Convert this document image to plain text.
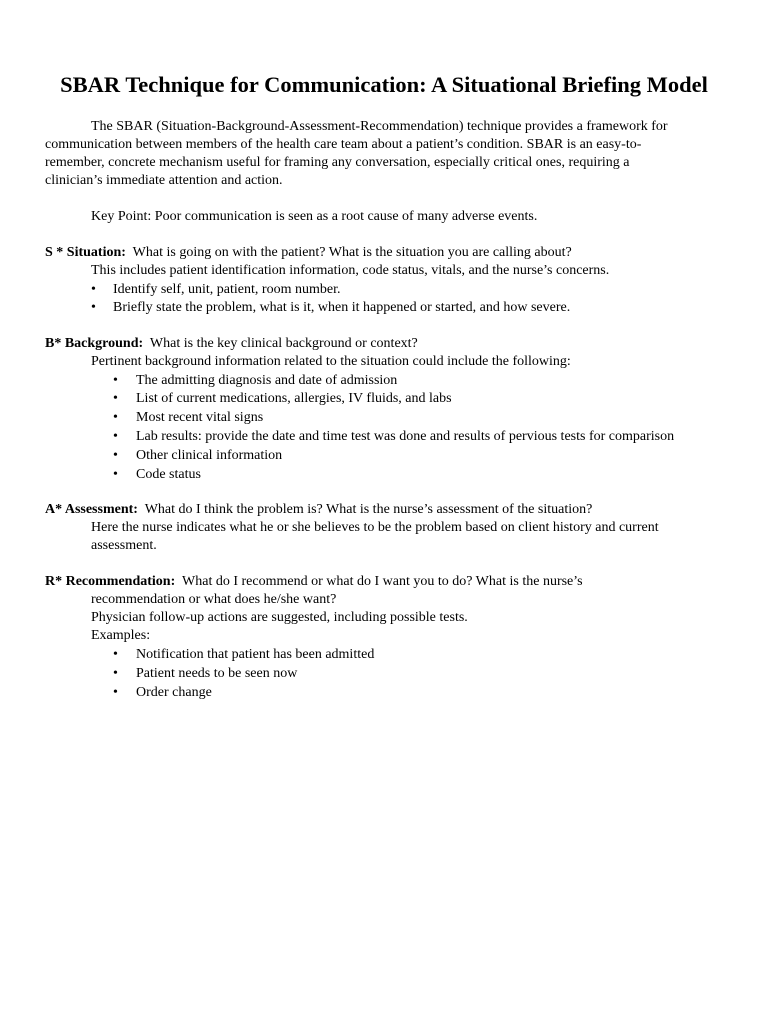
SBAR Technique for Communication: A Situational Briefing Model
The SBAR (Situation-Background-Assessment-Recommendation) technique provides a framework for
communication between members of the health care team about a patient’s condition. SBAR is an easy-to-
remember, concrete mechanism useful for framing any conversation, especially critical ones, requiring a
clinician’s immediate attention and action.
Key Point: Poor communication is seen as a root cause of many adverse events.
S * Situation: What is going on with the patient? What is the situation you are calling about?
This includes patient identification information, code status, vitals, and the nurse’s concerns.
•	Identify self, unit, patient, room number.
•	Briefly state the problem, what is it, when it happened or started, and how severe.
B* Background: What is the key clinical background or context?
Pertinent background information related to the situation could include the following:
•	The admitting diagnosis and date of admission
•	List of current medications, allergies, IV fluids, and labs
•	Most recent vital signs
•	Lab results: provide the date and time test was done and results of pervious tests for comparison
•	Other clinical information
•	Code status
A* Assessment: What do I think the problem is? What is the nurse’s assessment of the situation?
Here the nurse indicates what he or she believes to be the problem based on client history and current
assessment.
R* Recommendation: What do I recommend or what do I want you to do? What is the nurse’s
recommendation or what does he/she want?
Physician follow-up actions are suggested, including possible tests.
Examples:
•	Notification that patient has been admitted
•	Patient needs to be seen now
•	Order change
